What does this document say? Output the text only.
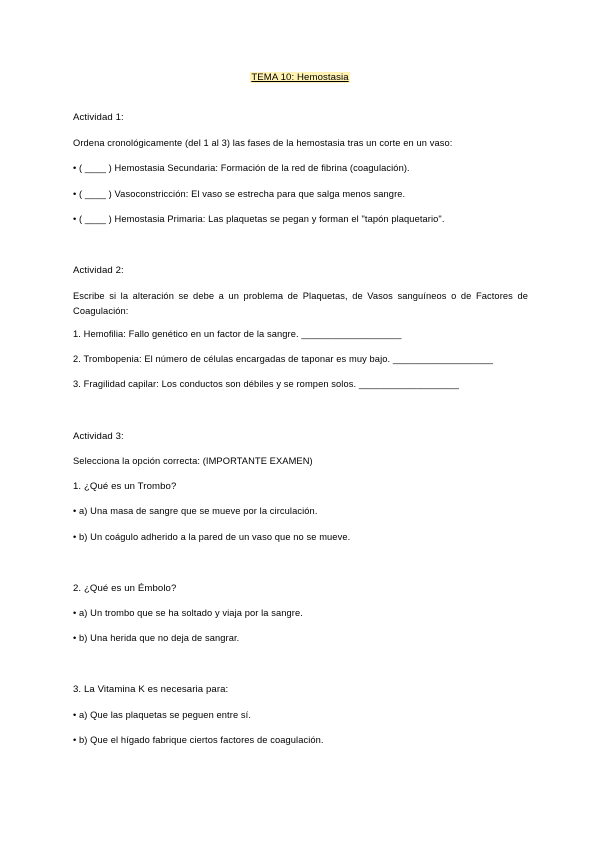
TEMA 10: Hemostasia
Actividad 1:
Ordena cronológicamente (del 1 al 3) las fases de la hemostasia tras un corte en un vaso:
• ( ____ ) Hemostasia Secundaria: Formación de la red de fibrina (coagulación).
• ( ____ ) Vasoconstricción: El vaso se estrecha para que salga menos sangre.
• ( ____ ) Hemostasia Primaria: Las plaquetas se pegan y forman el "tapón plaquetario".
Actividad 2:
Escribe si la alteración se debe a un problema de Plaquetas, de Vasos sanguíneos o de Factores de Coagulación:
1. Hemofilia: Fallo genético en un factor de la sangre. ___________________
2. Trombopenia: El número de células encargadas de taponar es muy bajo. ___________________
3. Fragilidad capilar: Los conductos son débiles y se rompen solos. ___________________
Actividad 3:
Selecciona la opción correcta: (IMPORTANTE EXAMEN)
1. ¿Qué es un Trombo?
• a) Una masa de sangre que se mueve por la circulación.
• b) Un coágulo adherido a la pared de un vaso que no se mueve.
2. ¿Qué es un Émbolo?
• a) Un trombo que se ha soltado y viaja por la sangre.
• b) Una herida que no deja de sangrar.
3. La Vitamina K es necesaria para:
• a) Que las plaquetas se peguen entre sí.
• b) Que el hígado fabrique ciertos factores de coagulación.
